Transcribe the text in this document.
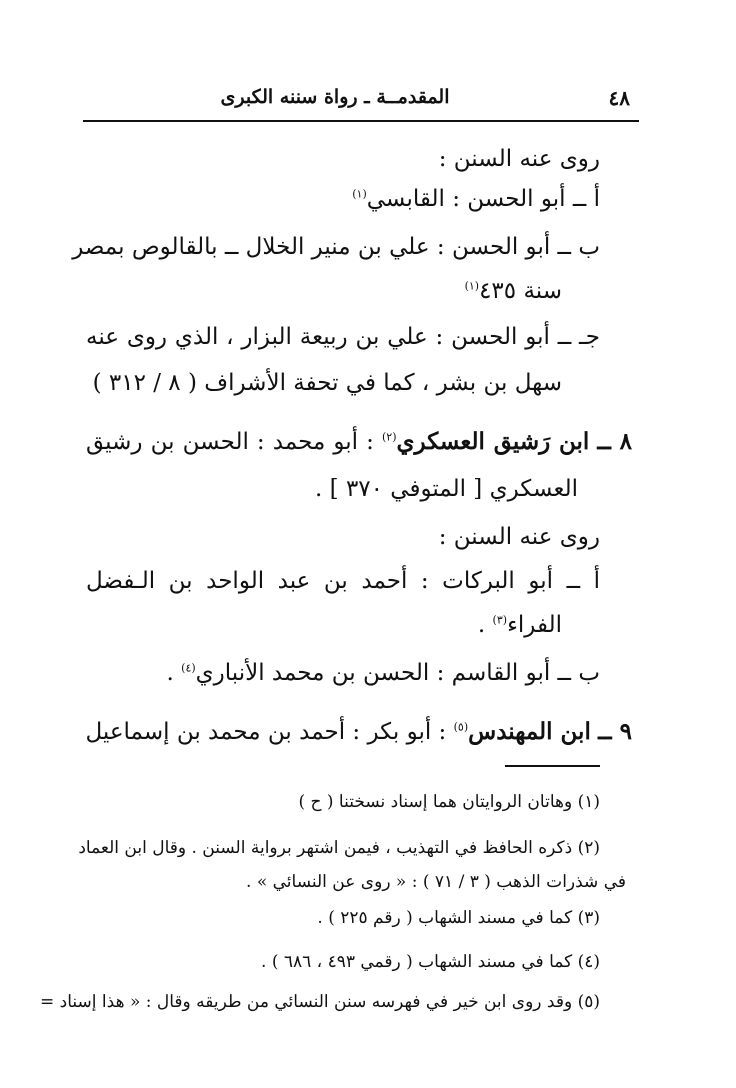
٤٨
المقدمــة ـ رواة سننه الكبرى
روى عنه السنن :
أ ــ أبو الحسن : القابسي$^{(١)}$
ب ــ أبو الحسن : علي بن منير الخلال ــ بالقالوص بمصر
سنة ٤٣٥$^{(١)}$
جـ ــ أبو الحسن : علي بن ربيعة البزار ، الذي روى عنه
سهل بن بشر ، كما في تحفة الأشراف ( ٨ / ٣١٢ )
٨ ــ ابن رَشيق العسكري$^{(٢)}$ : أبو محمد : الحسن بن رشيق
العسكري [ المتوفي ٣٧٠ ] .
روى عنه السنن :
أ ــ أبو البركات : أحمد بن عبد الواحد بن الـفضل
الفراء$^{(٣)}$ .
ب ــ أبو القاسم : الحسن بن محمد الأنباري$^{(٤)}$ .
٩ ــ ابن المهندس$^{(٥)}$ : أبو بكر : أحمد بن محمد بن إسماعيل
(١) وهاتان الروايتان هما إسناد نسختنا ( ح )
(٢) ذكره الحافظ في التهذيب ، فيمن اشتهر برواية السنن . وقال ابن العماد
في شذرات الذهب ( ٣ / ٧١ ) : « روى عن النسائي » .
(٣) كما في مسند الشهاب ( رقم ٢٢٥ ) .
(٤) كما في مسند الشهاب ( رقمي ٤٩٣ ، ٦٨٦ ) .
(٥) وقد روى ابن خير في فهرسه سنن النسائي من طريقه وقال : « هذا إسناد =
